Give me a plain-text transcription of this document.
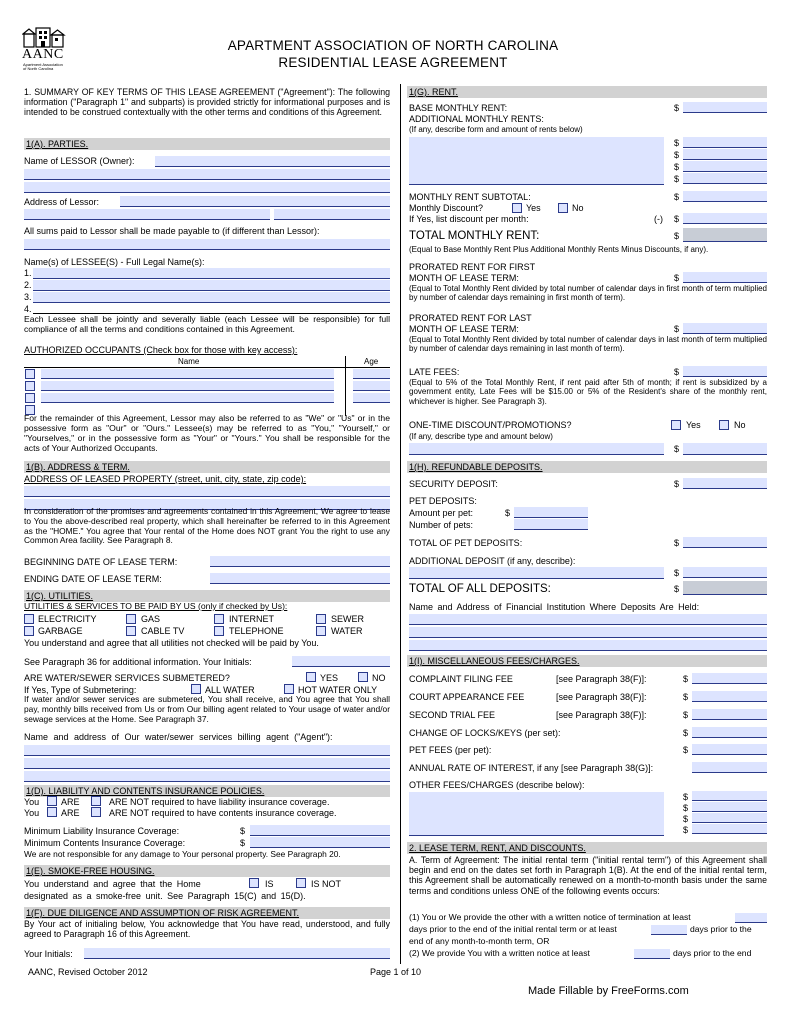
AANC
Apartment Association
of North Carolina
APARTMENT ASSOCIATION OF NORTH CAROLINA
RESIDENTIAL LEASE AGREEMENT
1. SUMMARY OF KEY TERMS OF THIS LEASE AGREEMENT ("Agreement"): The following information ("Paragraph 1" and subparts) is provided strictly for informational purposes and is intended to be construed contextually with the other terms and conditions of this Agreement.
1(A). PARTIES.
Name of LESSOR (Owner):
Address of Lessor:
All sums paid to Lessor shall be made payable to (if different than Lessor):
Name(s) of LESSEE(S) - Full Legal Name(s):
1.
2.
3.
4.
Each Lessee shall be jointly and severally liable (each Lessee will be responsible) for full compliance of all the terms and conditions contained in this Agreement.
AUTHORIZED OCCUPANTS (Check box for those with key access):
Name	Age
For the remainder of this Agreement, Lessor may also be referred to as "We" or "Us" or in the possessive form as "Our" or "Ours." Lessee(s) may be referred to as "You," "Yourself," or "Yourselves," or in the possessive form as "Your" or "Yours." You shall be responsible for the acts of Your Authorized Occupants.
1(B). ADDRESS & TERM.
ADDRESS OF LEASED PROPERTY (street, unit, city, state, zip code):
In consideration of the promises and agreements contained in this Agreement, We agree to lease to You the above-described real property, which shall hereinafter be referred to in this Agreement as the "HOME." You agree that Your rental of the Home does NOT grant You the right to use any Common Area facility. See Paragraph 8.
BEGINNING DATE OF LEASE TERM:
ENDING DATE OF LEASE TERM:
1(C). UTILITIES.
UTILITIES & SERVICES TO BE PAID BY US (only if checked by Us):
ELECTRICITY	GAS	INTERNET	SEWER
GARBAGE	CABLE TV	TELEPHONE	WATER
You understand and agree that all utilities not checked will be paid by You.
See Paragraph 36 for additional information. Your Initials:
ARE WATER/SEWER SERVICES SUBMETERED?	YES	NO
If Yes, Type of Submetering:	ALL WATER	HOT WATER ONLY
If water and/or sewer services are submetered, You shall receive, and You agree that You shall pay, monthly bills received from Us or from Our billing agent related to Your usage of water and/or sewage services at the Home. See Paragraph 37.
Name and address of Our water/sewer services billing agent ("Agent"):
1(D). LIABILITY AND CONTENTS INSURANCE POLICIES.
You ARE	ARE NOT required to have liability insurance coverage.
You ARE	ARE NOT required to have contents insurance coverage.
Minimum Liability Insurance Coverage:	$
Minimum Contents Insurance Coverage:	$
We are not responsible for any damage to Your personal property. See Paragraph 20.
1(E). SMOKE-FREE HOUSING.
You understand and agree that the Home	IS	IS NOT
designated as a smoke-free unit. See Paragraph 15(C) and 15(D).
1(F). DUE DILIGENCE AND ASSUMPTION OF RISK AGREEMENT.
By Your act of initialing below, You acknowledge that You have read, understood, and fully agreed to Paragraph 16 of this Agreement.
Your Initials:
1(G). RENT.
BASE MONTHLY RENT:	$
ADDITIONAL MONTHLY RENTS:
(If any, describe form and amount of rents below)
$
$
$
$
MONTHLY RENT SUBTOTAL:	$
Monthly Discount?	Yes	No
If Yes, list discount per month:	(-) $
TOTAL MONTHLY RENT:	$
(Equal to Base Monthly Rent Plus Additional Monthly Rents Minus Discounts, if any).
PRORATED RENT FOR FIRST
MONTH OF LEASE TERM:	$
(Equal to Total Monthly Rent divided by total number of calendar days in first month of term multiplied by number of calendar days remaining in first month of term).
PRORATED RENT FOR LAST
MONTH OF LEASE TERM:	$
(Equal to Total Monthly Rent divided by total number of calendar days in last month of term multiplied by number of calendar days remaining in last month of term).
LATE FEES:	$
(Equal to 5% of the Total Monthly Rent, if rent paid after 5th of month; if rent is subsidized by a government entity, Late Fees will be $15.00 or 5% of the Resident's share of the monthly rent, whichever is higher. See Paragraph 3).
ONE-TIME DISCOUNT/PROMOTIONS?	Yes	No
(If any, describe type and amount below)
$
1(H). REFUNDABLE DEPOSITS.
SECURITY DEPOSIT:	$
PET DEPOSITS:
Amount per pet:	$
Number of pets:
TOTAL OF PET DEPOSITS:	$
ADDITIONAL DEPOSIT (if any, describe):
$
TOTAL OF ALL DEPOSITS:	$
Name and Address of Financial Institution Where Deposits Are Held:
1(I). MISCELLANEOUS FEES/CHARGES.
COMPLAINT FILING FEE	[see Paragraph 38(F)]:	$
COURT APPEARANCE FEE	[see Paragraph 38(F)]:	$
SECOND TRIAL FEE	[see Paragraph 38(F)]:	$
CHANGE OF LOCKS/KEYS (per set):	$
PET FEES (per pet):	$
ANNUAL RATE OF INTEREST, if any [see Paragraph 38(G)]:
OTHER FEES/CHARGES (describe below):
$
$
$
$
2. LEASE TERM, RENT, AND DISCOUNTS.
A. Term of Agreement: The initial rental term ("initial rental term") of this Agreement shall begin and end on the dates set forth in Paragraph 1(B). At the end of the initial rental term, this Agreement shall be automatically renewed on a month-to-month basis under the same terms and conditions unless ONE of the following events occurs:
(1) You or We provide the other with a written notice of termination at least
days prior to the end of the initial rental term or at least	days prior to the
end of any month-to-month term, OR
(2) We provide You with a written notice at least	days prior to the end
AANC, Revised October 2012	Page 1 of 10
Made Fillable by FreeForms.com
